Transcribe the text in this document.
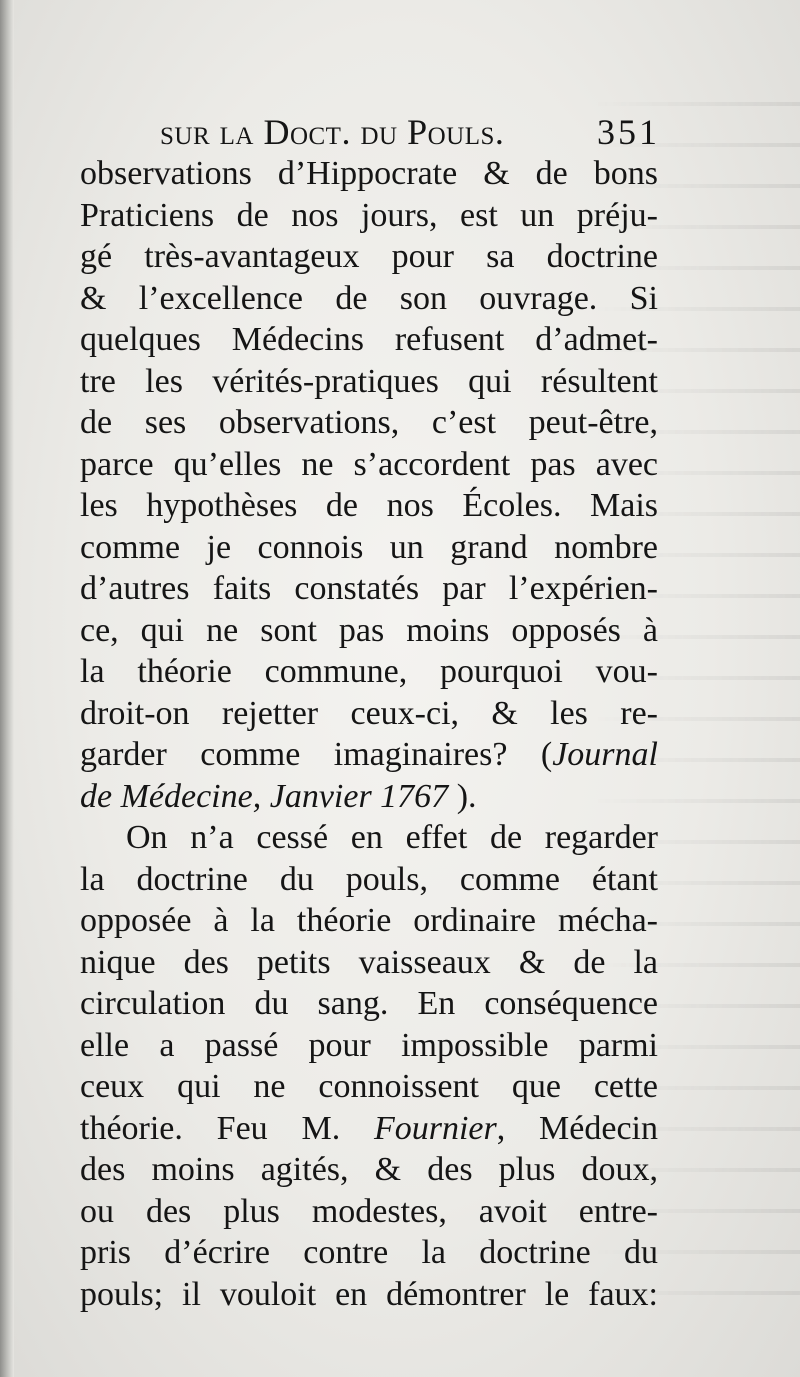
sur la Doct. du Pouls.	351
observations d’Hippocrate & de bons
Praticiens de nos jours, est un préju-
gé très-avantageux pour sa doctrine
& l’excellence de son ouvrage. Si
quelques Médecins refusent d’admet-
tre les vérités-pratiques qui résultent
de ses observations, c’est peut-être,
parce qu’elles ne s’accordent pas avec
les hypothèses de nos Écoles. Mais
comme je connois un grand nombre
d’autres faits constatés par l’expérien-
ce, qui ne sont pas moins opposés à
la théorie commune, pourquoi vou-
droit-on rejetter ceux-ci, & les re-
garder comme imaginaires? (Journal
de Médecine, Janvier 1767 ).
On n’a cessé en effet de regarder
la doctrine du pouls, comme étant
opposée à la théorie ordinaire mécha-
nique des petits vaisseaux & de la
circulation du sang. En conséquence
elle a passé pour impossible parmi
ceux qui ne connoissent que cette
théorie. Feu M. Fournier, Médecin
des moins agités, & des plus doux,
ou des plus modestes, avoit entre-
pris d’écrire contre la doctrine du
pouls; il vouloit en démontrer le faux:
